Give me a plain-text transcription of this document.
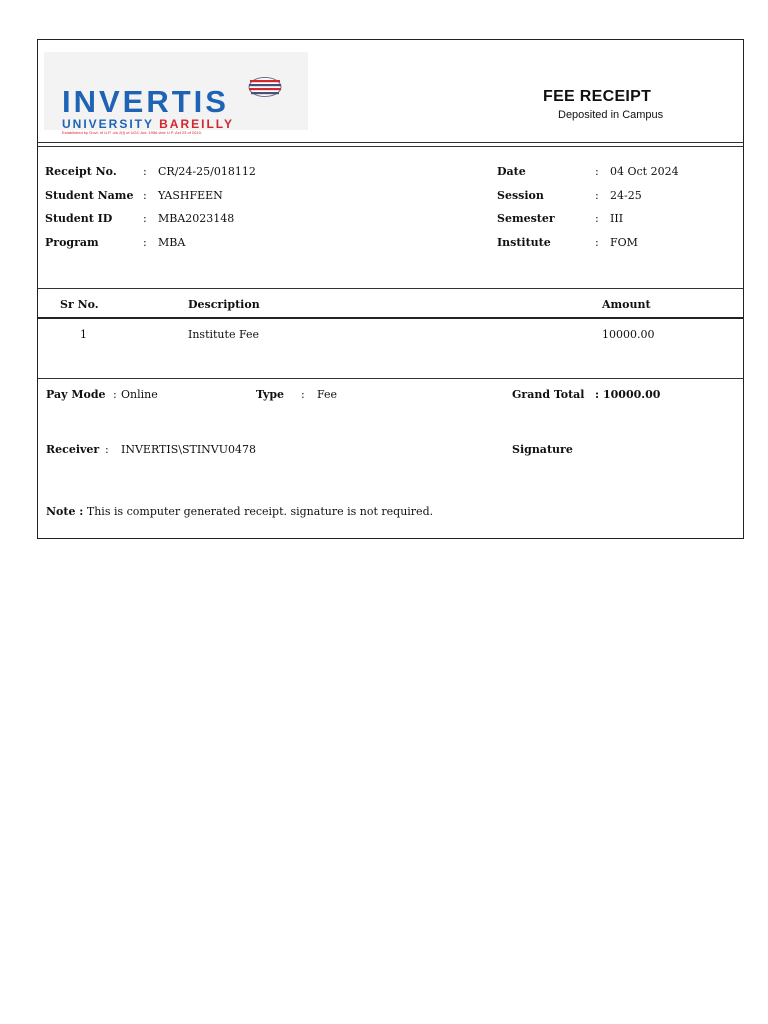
INVERTIS
UNIVERSITY BAREILLY
Established by Govt. of U.P. u/s 2(f) of UGC Act, 1956 vide U.P. Act 23 of 2010.
FEE RECEIPT
Deposited in Campus
Receipt No. : CR/24-25/018112
Student Name : YASHFEEN
Student ID	: MBA2023148
Program	: MBA
Date	: 04 Oct 2024
Session	: 24-25
Semester	: III
Institute	: FOM
Sr No.	Description	Amount
1	Institute Fee	10000.00
Pay Mode : Online	Type : Fee	Grand Total : 10000.00
Receiver : INVERTIS\STINVU0478	Signature
Note : This is computer generated receipt. signature is not required.
